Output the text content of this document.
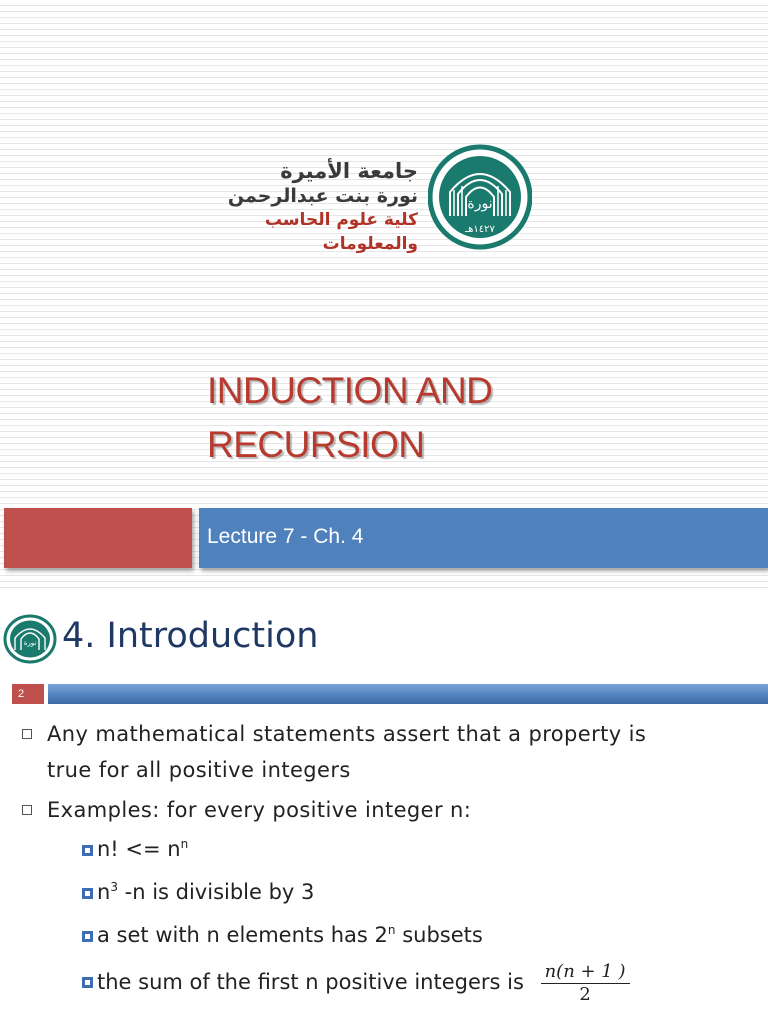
جامعة الأميرة
نورة بنت عبدالرحمن
كلية علوم الحاسب والمعلومات
ﻧﻮﺭﺓ
١٤٢٧هـ
INDUCTION AND
RECURSION
Lecture 7 - Ch. 4
ﻧﻮﺭﺓ 4. Introduction
2
Any mathematical statements assert that a property is
true for all positive integers
Examples: for every positive integer n:
n! <= $n^n$
$n^3$ -n is divisible by 3
a set with n elements has 2$^n$ subsets
the sum of the first n positive integers is $\frac{n(n + 1 )}{2}$
